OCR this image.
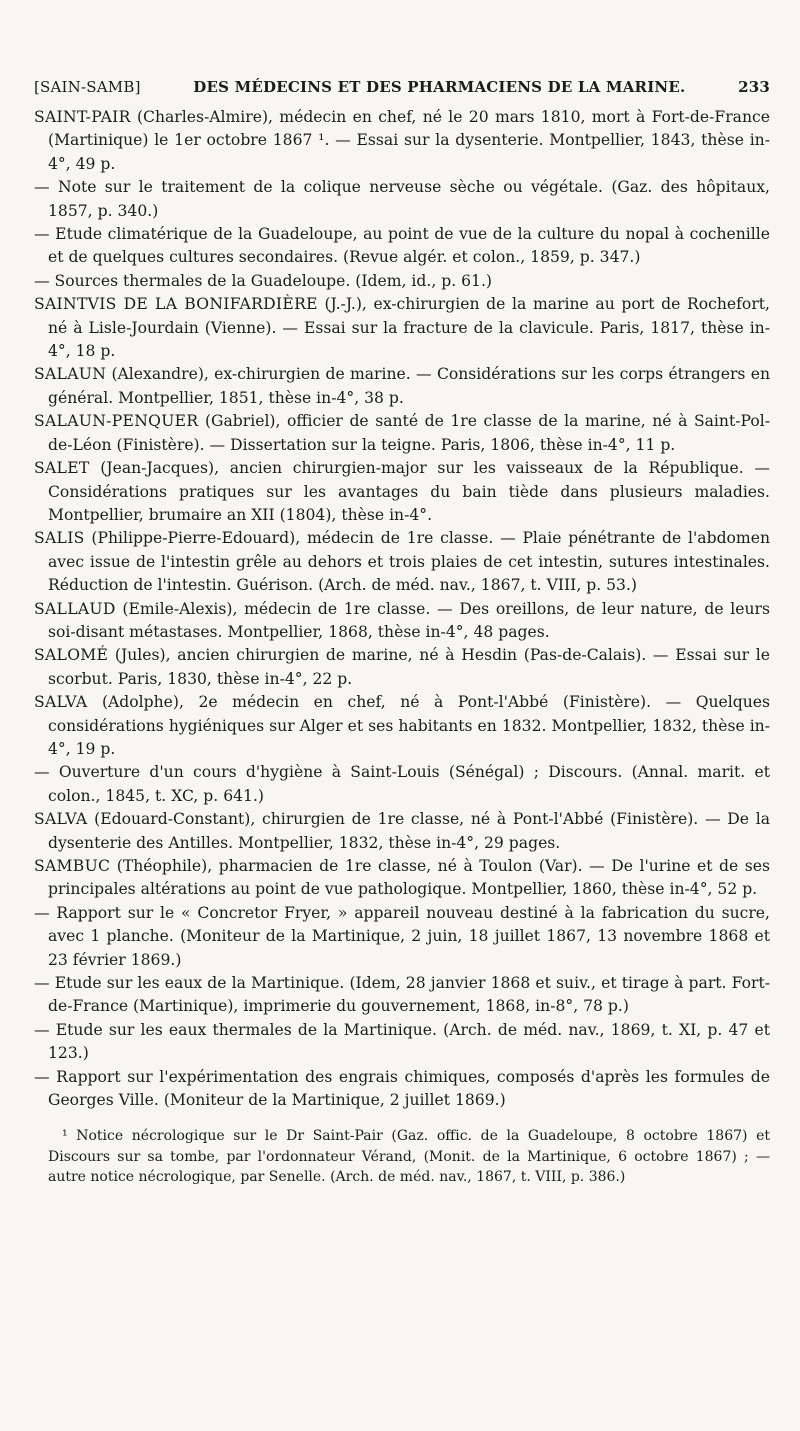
[SAIN-SAMB]	DES MÉDECINS ET DES PHARMACIENS DE LA MARINE.	233

SAINT-PAIR (Charles-Almire), médecin en chef, né le 20 mars 1810, mort à Fort-de-France (Martinique) le 1er octobre 1867 ¹. — Essai sur la dysenterie. Montpellier, 1843, thèse in-4°, 49 p.

— Note sur le traitement de la colique nerveuse sèche ou végétale. (Gaz. des hôpitaux, 1857, p. 340.)

— Etude climatérique de la Guadeloupe, au point de vue de la culture du nopal à cochenille et de quelques cultures secondaires. (Revue algér. et colon., 1859, p. 347.)

— Sources thermales de la Guadeloupe. (Idem, id., p. 61.)

SAINTVIS DE LA BONIFARDIÈRE (J.-J.), ex-chirurgien de la marine au port de Rochefort, né à Lisle-Jourdain (Vienne). — Essai sur la fracture de la clavicule. Paris, 1817, thèse in-4°, 18 p.

SALAUN (Alexandre), ex-chirurgien de marine. — Considérations sur les corps étrangers en général. Montpellier, 1851, thèse in-4°, 38 p.

SALAUN-PENQUER (Gabriel), officier de santé de 1re classe de la marine, né à Saint-Pol-de-Léon (Finistère). — Dissertation sur la teigne. Paris, 1806, thèse in-4°, 11 p.

SALET (Jean-Jacques), ancien chirurgien-major sur les vaisseaux de la République. — Considérations pratiques sur les avantages du bain tiède dans plusieurs maladies. Montpellier, brumaire an XII (1804), thèse in-4°.

SALIS (Philippe-Pierre-Edouard), médecin de 1re classe. — Plaie pénétrante de l'abdomen avec issue de l'intestin grêle au dehors et trois plaies de cet intestin, sutures intestinales. Réduction de l'intestin. Guérison. (Arch. de méd. nav., 1867, t. VIII, p. 53.)

SALLAUD (Emile-Alexis), médecin de 1re classe. — Des oreillons, de leur nature, de leurs soi-disant métastases. Montpellier, 1868, thèse in-4°, 48 pages.

SALOMÉ (Jules), ancien chirurgien de marine, né à Hesdin (Pas-de-Calais). — Essai sur le scorbut. Paris, 1830, thèse in-4°, 22 p.

SALVA (Adolphe), 2e médecin en chef, né à Pont-l'Abbé (Finistère). — Quelques considérations hygiéniques sur Alger et ses habitants en 1832. Montpellier, 1832, thèse in-4°, 19 p.

— Ouverture d'un cours d'hygiène à Saint-Louis (Sénégal) ; Discours. (Annal. marit. et colon., 1845, t. XC, p. 641.)

SALVA (Edouard-Constant), chirurgien de 1re classe, né à Pont-l'Abbé (Finistère). — De la dysenterie des Antilles. Montpellier, 1832, thèse in-4°, 29 pages.

SAMBUC (Théophile), pharmacien de 1re classe, né à Toulon (Var). — De l'urine et de ses principales altérations au point de vue pathologique. Montpellier, 1860, thèse in-4°, 52 p.

— Rapport sur le « Concretor Fryer, » appareil nouveau destiné à la fabrication du sucre, avec 1 planche. (Moniteur de la Martinique, 2 juin, 18 juillet 1867, 13 novembre 1868 et 23 février 1869.)

— Etude sur les eaux de la Martinique. (Idem, 28 janvier 1868 et suiv., et tirage à part. Fort-de-France (Martinique), imprimerie du gouvernement, 1868, in-8°, 78 p.)

— Etude sur les eaux thermales de la Martinique. (Arch. de méd. nav., 1869, t. XI, p. 47 et 123.)

— Rapport sur l'expérimentation des engrais chimiques, composés d'après les formules de Georges Ville. (Moniteur de la Martinique, 2 juillet 1869.)

¹ Notice nécrologique sur le Dr Saint-Pair (Gaz. offic. de la Guadeloupe, 8 octobre 1867) et Discours sur sa tombe, par l'ordonnateur Vérand, (Monit. de la Martinique, 6 octobre 1867) ; — autre notice nécrologique, par Senelle. (Arch. de méd. nav., 1867, t. VIII, p. 386.)
